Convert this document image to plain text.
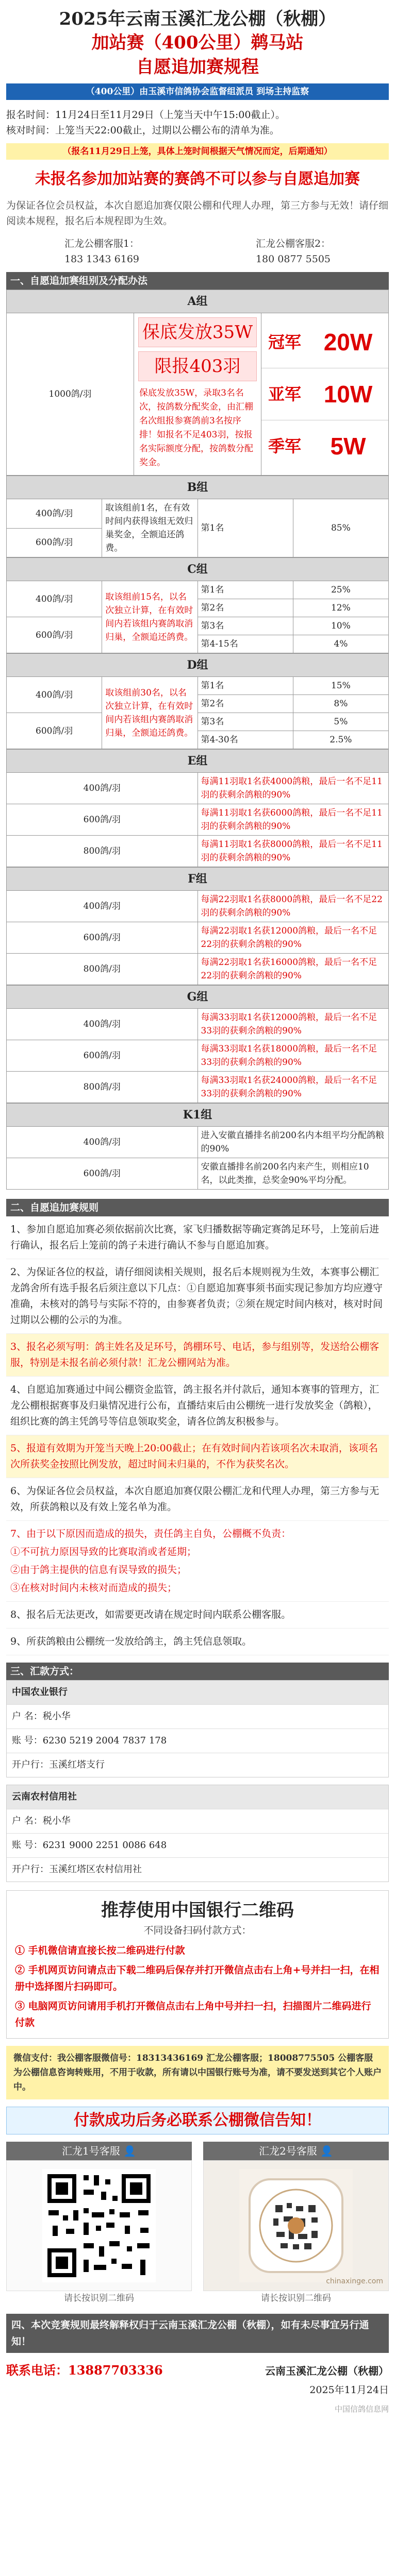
2025年云南玉溪汇龙公棚（秋棚）
加站赛（400公里）鹈马站
自愿追加赛规程
（400公里）由玉溪市信鸽协会监督组派员 到场主持监察
报名时间：11月24日至11月29日（上笼当天中午15:00截止）。
核对时间：上笼当天22:00截止，过期以公棚公布的清单为准。
（报名11月29日上笼，具体上笼时间根据天气情况而定，后期通知）
未报名参加加站赛的赛鸽不可以参与自愿追加赛
为保证各位会员权益，本次自愿追加赛仅限公棚和代理人办理，第三方参与无效！请仔细阅读本规程，报名后本规程即为生效。
汇龙公棚客服1：
183 1343 6169
汇龙公棚客服2：
180 0877 5505
一、自愿追加赛组别及分配办法
A组
1000鸽/羽	
保底发放35W
限报403羽
保底发放35W，录取3名名次，按鸽数分配奖金，由汇棚名次组报参赛鸽前3名按序排！如报名不足403羽，按报名实际额度分配，按鸽数分配奖金。

冠军 20W
亚军 10W
季军	5W
B组
400鸽/羽	取该组前1名，在有效时间内获得该组无效归巢奖金，全额追还鸽费。	第1名	85%
600鸽/羽
C组			
400鸽/羽	取该组前15名，以名次独立计算，在有效时间内若该组内赛鸽取消归巢，全额追还鸽费。	第1名	25%
		第2名	12%
600鸽/羽		第3名	10%
		第4-15名	4%
D组			
400鸽/羽	取该组前30名，以名次独立计算，在有效时间内若该组内赛鸽取消归巢，全额追还鸽费。	第1名	15%
		第2名	8%
600鸽/羽		第3名	5%
		第4-30名	2.5%
E组	
400鸽/羽	每满11羽取1名获4000鸽粮，最后一名不足11羽的获剩余鸽粮的90%
600鸽/羽	每满11羽取1名获6000鸽粮，最后一名不足11羽的获剩余鸽粮的90%
800鸽/羽	每满11羽取1名获8000鸽粮，最后一名不足11羽的获剩余鸽粮的90%
F组	
400鸽/羽	每满22羽取1名获8000鸽粮，最后一名不足22羽的获剩余鸽粮的90%
600鸽/羽	每满22羽取1名获12000鸽粮，最后一名不足22羽的获剩余鸽粮的90%
800鸽/羽	每满22羽取1名获16000鸽粮，最后一名不足22羽的获剩余鸽粮的90%
G组	
400鸽/羽	每满33羽取1名获12000鸽粮，最后一名不足33羽的获剩余鸽粮的90%
600鸽/羽	每满33羽取1名获18000鸽粮，最后一名不足33羽的获剩余鸽粮的90%
800鸽/羽	每满33羽取1名获24000鸽粮，最后一名不足33羽的获剩余鸽粮的90%
K1组	
400鸽/羽	进入安徽直播排名前200名内本组平均分配鸽粮的90%
600鸽/羽	安徽直播排名前200名内来产生，则相应10名，以此类推，总奖金90%平均分配。
二、自愿追加赛规则

1、参加自愿追加赛必须依据前次比赛，家飞归播数据等确定赛鸽足环号，上笼前后进行确认，报名后上笼前的鸽子未进行确认不参与自愿追加赛。

2、为保证各位的权益，请仔细阅读相关规则，报名后本规则视为生效，本赛事公棚汇龙鸽舍所有选手报名后须注意以下几点：①自愿追加赛事须书面实现记参加方均应遵守准确，未核对的鸽号与实际不符的，由参赛者负责；②须在规定时间内核对，核对时间过期以公棚的公示的为准。

3、报名必须写明：鸽主姓名及足环号，鸽棚环号、电话，参与组别等，发送给公棚客服，特别是未报名前必须付款！汇龙公棚网站为准。

4、自愿追加赛通过中间公棚资金监管，鸽主报名并付款后，通知本赛事的管理方，汇龙公棚根据赛事及归巢情况进行公布，直播结束后由公棚统一进行发放奖金（鸽粮），组织比赛的鸽主凭鸽号等信息领取奖金，请各位鸽友积极参与。

5、报道有效期为开笼当天晚上20:00截止；在有效时间内若该项名次未取消，该项名次所获奖金按照比例发放，超过时间未归巢的，不作为获奖名次。

6、为保证各位会员权益，本次自愿追加赛仅限公棚汇龙和代理人办理，第三方参与无效，所获鸽粮以及有效上笼名单为准。

7、由于以下原因而造成的损失，责任鸽主自负，公棚概不负责：

①不可抗力原因导致的比赛取消或者延期；

②由于鸽主提供的信息有误导致的损失；

③在核对时间内未核对而造成的损失；

8、报名后无法更改，如需要更改请在规定时间内联系公棚客服。

9、所获鸽粮由公棚统一发放给鸽主，鸽主凭信息领取。

三、汇款方式：
中国农业银行
户 名：税小华
账 号：6230 5219 2004 7837 178
开户行：玉溪红塔支行
云南农村信用社
户 名：税小华
账 号：6231 9000 2251 0086 648
开户行：玉溪红塔区农村信用社
推荐使用中国银行二维码
不同设备扫码付款方式：
① 手机微信请直接长按二维码进行付款
② 手机网页访问请点击下载二维码后保存并打开微信点击右上角+号并扫一扫，在相册中选择图片扫码即可。
③ 电脑网页访问请用手机打开微信点击右上角中号并扫一扫，扫描图片二维码进行付款
微信支付：我公棚客服微信号：18313436169 汇龙公棚客服；18008775505 公棚客服为公棚信息咨询转账用，不用于收款，所有请以中国银行账号为准，请不要发送到其它个人账户中。
付款成功后务必联系公棚微信告知！
汇龙1号客服 👤
请长按识别二维码
汇龙2号客服 👤
chinaxinge.com
请长按识别二维码
四、本次竞赛规则最终解释权归于云南玉溪汇龙公棚（秋棚），如有未尽事宜另行通知！
联系电话：13887703336	云南玉溪汇龙公棚（秋棚）
2025年11月24日
中国信鸽信息网
